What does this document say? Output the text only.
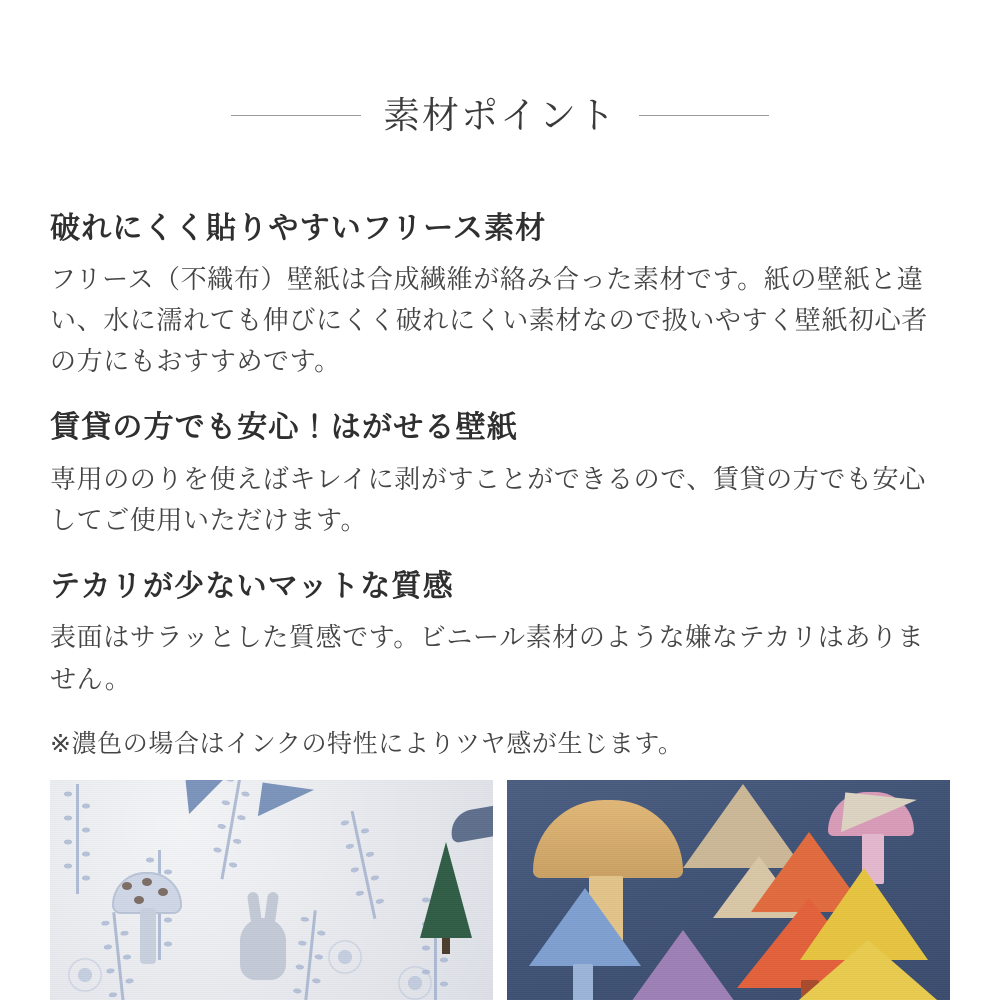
素材ポイント
破れにくく貼りやすいフリース素材

フリース（不織布）壁紙は合成繊維が絡み合った素材です。紙の壁紙と違い、水に濡れても伸びにくく破れにくい素材なので扱いやすく壁紙初心者の方にもおすすめです。

賃貸の方でも安心！はがせる壁紙

専用ののりを使えばキレイに剥がすことができるので、賃貸の方でも安心してご使用いただけます。

テカリが少ないマットな質感

表面はサラッとした質感です。ビニール素材のような嫌なテカリはありません。

※濃色の場合はインクの特性によりツヤ感が生じます。
